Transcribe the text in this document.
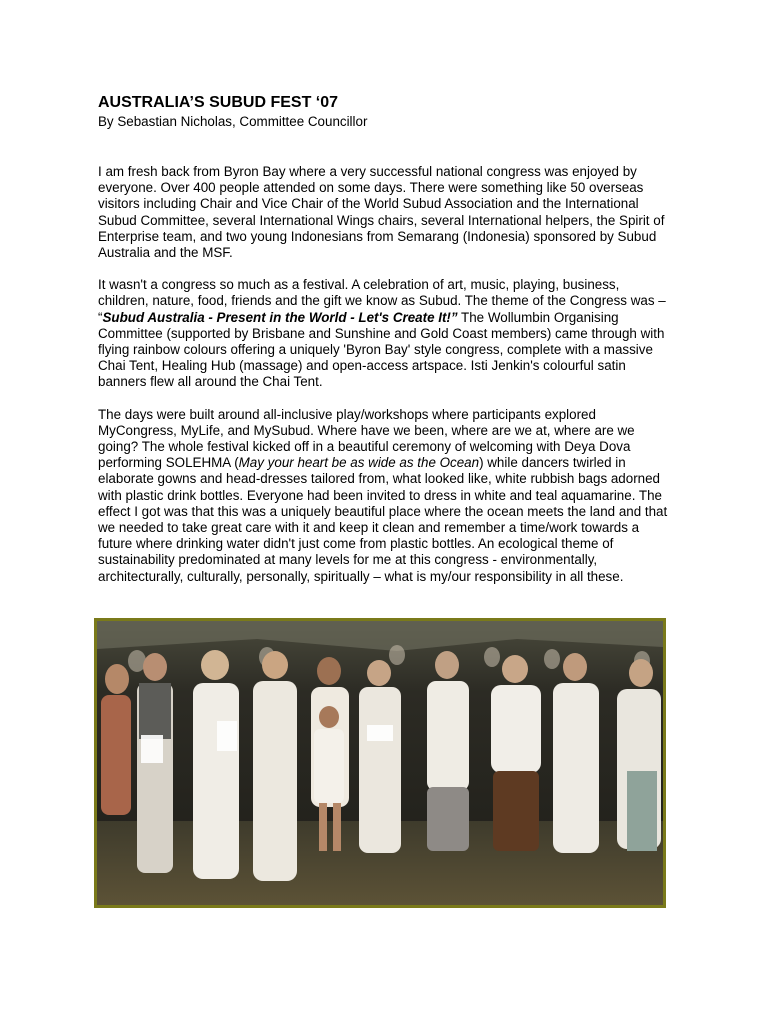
AUSTRALIA’S SUBUD FEST ‘07

By Sebastian Nicholas, Committee Councillor

I am fresh back from Byron Bay where a very successful national congress was enjoyed by everyone. Over 400 people attended on some days. There were something like 50 overseas visitors including Chair and Vice Chair of the World Subud Association and the International Subud Committee, several International Wings chairs, several International helpers, the Spirit of Enterprise team, and two young Indonesians from Semarang (Indonesia) sponsored by Subud Australia and the MSF.

It wasn't a congress so much as a festival. A celebration of art, music, playing, business, children, nature, food, friends and the gift we know as Subud. The theme of the Congress was – “Subud Australia - Present in the World - Let's Create It!” The Wollumbin Organising Committee (supported by Brisbane and Sunshine and Gold Coast members) came through with flying rainbow colours offering a uniquely 'Byron Bay' style congress, complete with a massive Chai Tent, Healing Hub (massage) and open-access artspace. Isti Jenkin's colourful satin banners flew all around the Chai Tent.

The days were built around all-inclusive play/workshops where participants explored MyCongress, MyLife, and MySubud. Where have we been, where are we at, where are we going? The whole festival kicked off in a beautiful ceremony of welcoming with Deya Dova performing SOLEHMA (May your heart be as wide as the Ocean) while dancers twirled in elaborate gowns and head-dresses tailored from, what looked like, white rubbish bags adorned with plastic drink bottles. Everyone had been invited to dress in white and teal aquamarine. The effect I got was that this was a uniquely beautiful place where the ocean meets the land and that we needed to take great care with it and keep it clean and remember a time/work towards a future where drinking water didn't just come from plastic bottles. An ecological theme of sustainability predominated at many levels for me at this congress - environmentally, architecturally, culturally, personally, spiritually – what is my/our responsibility in all these.
